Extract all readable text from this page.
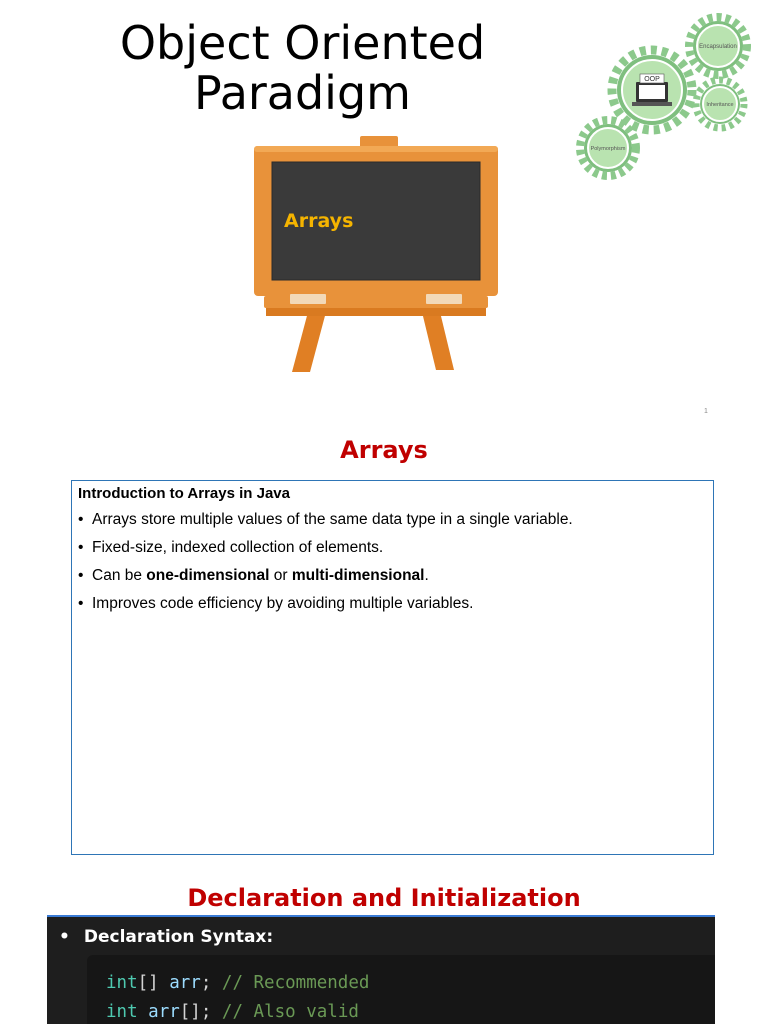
Object Oriented
Paradigm
Encapsulation
OOP
Inheritance
Polymorphism
Arrays
1
Arrays

Introduction to Arrays in Java

• Arrays store multiple values of the same data type in a single variable.
• Fixed-size, indexed collection of elements.
• Can be one-dimensional or multi-dimensional.
• Improves code efficiency by avoiding multiple variables.
Declaration and Initialization
• Declaration Syntax:
int[] arr; // Recommended
int arr[]; // Also valid
